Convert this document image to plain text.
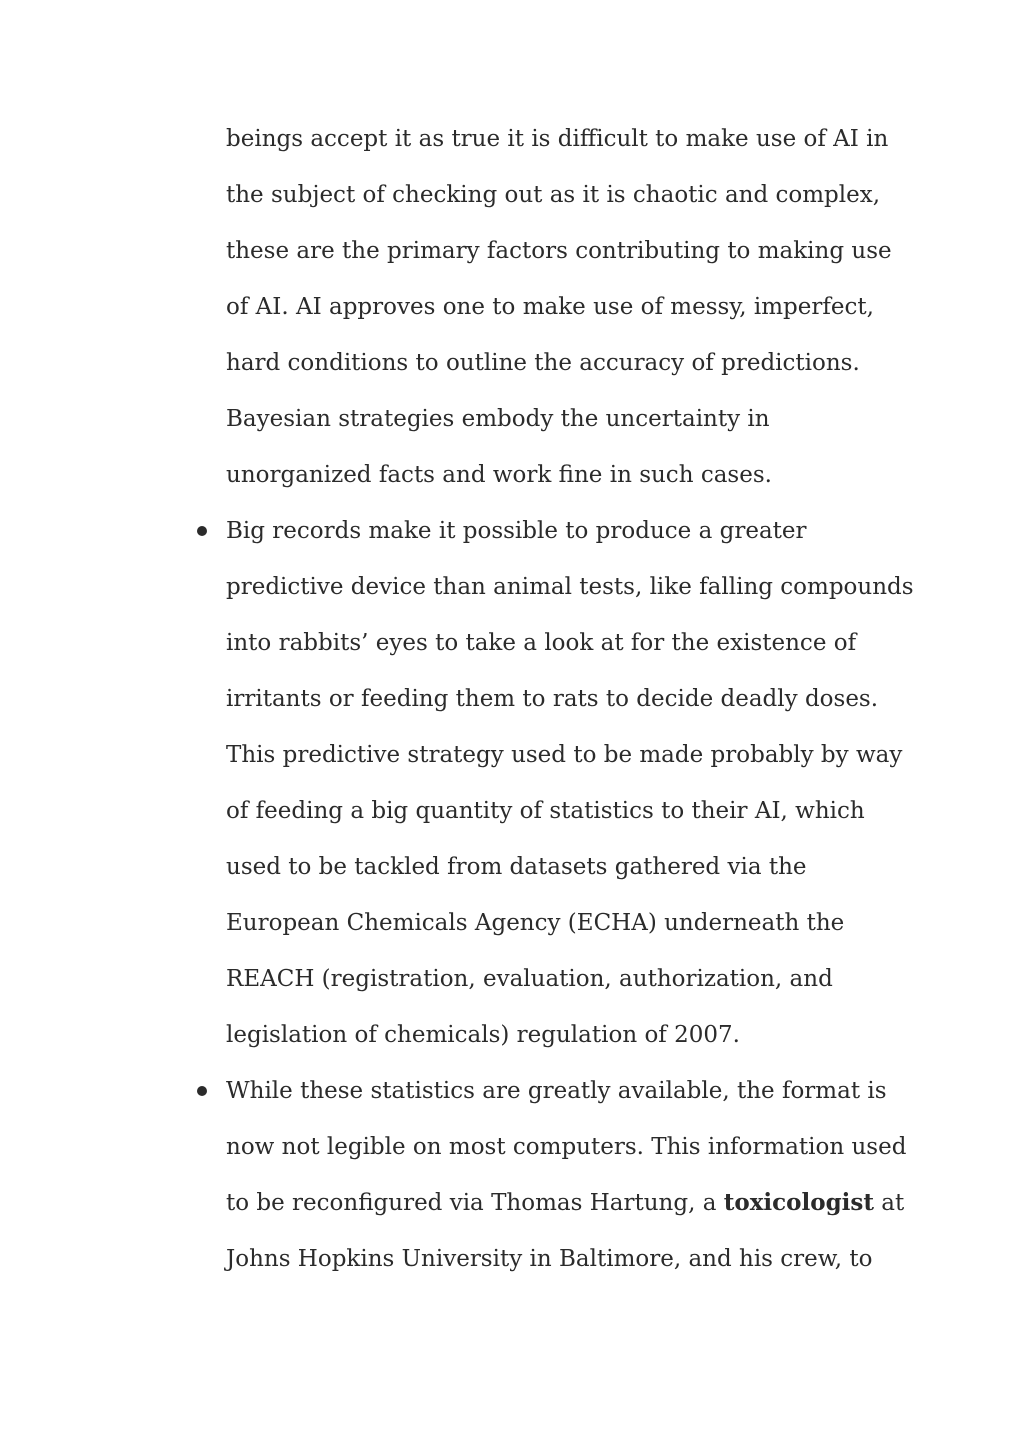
beings accept it as true it is difficult to make use of AI in the subject of checking out as it is chaotic and complex, these are the primary factors contributing to making use of AI. AI approves one to make use of messy, imperfect, hard conditions to outline the accuracy of predictions. Bayesian strategies embody the uncertainty in unorganized facts and work fine in such cases.

Big records make it possible to produce a greater predictive device than animal tests, like falling compounds into rabbits’ eyes to take a look at for the existence of irritants or feeding them to rats to decide deadly doses. This predictive strategy used to be made probably by way of feeding a big quantity of statistics to their AI, which used to be tackled from datasets gathered via the European Chemicals Agency (ECHA) underneath the REACH (registration, evaluation, authorization, and legislation of chemicals) regulation of 2007.
While these statistics are greatly available, the format is now not legible on most computers. This information used to be reconfigured via Thomas Hartung, a toxicologist at Johns Hopkins University in Baltimore, and his crew, to
